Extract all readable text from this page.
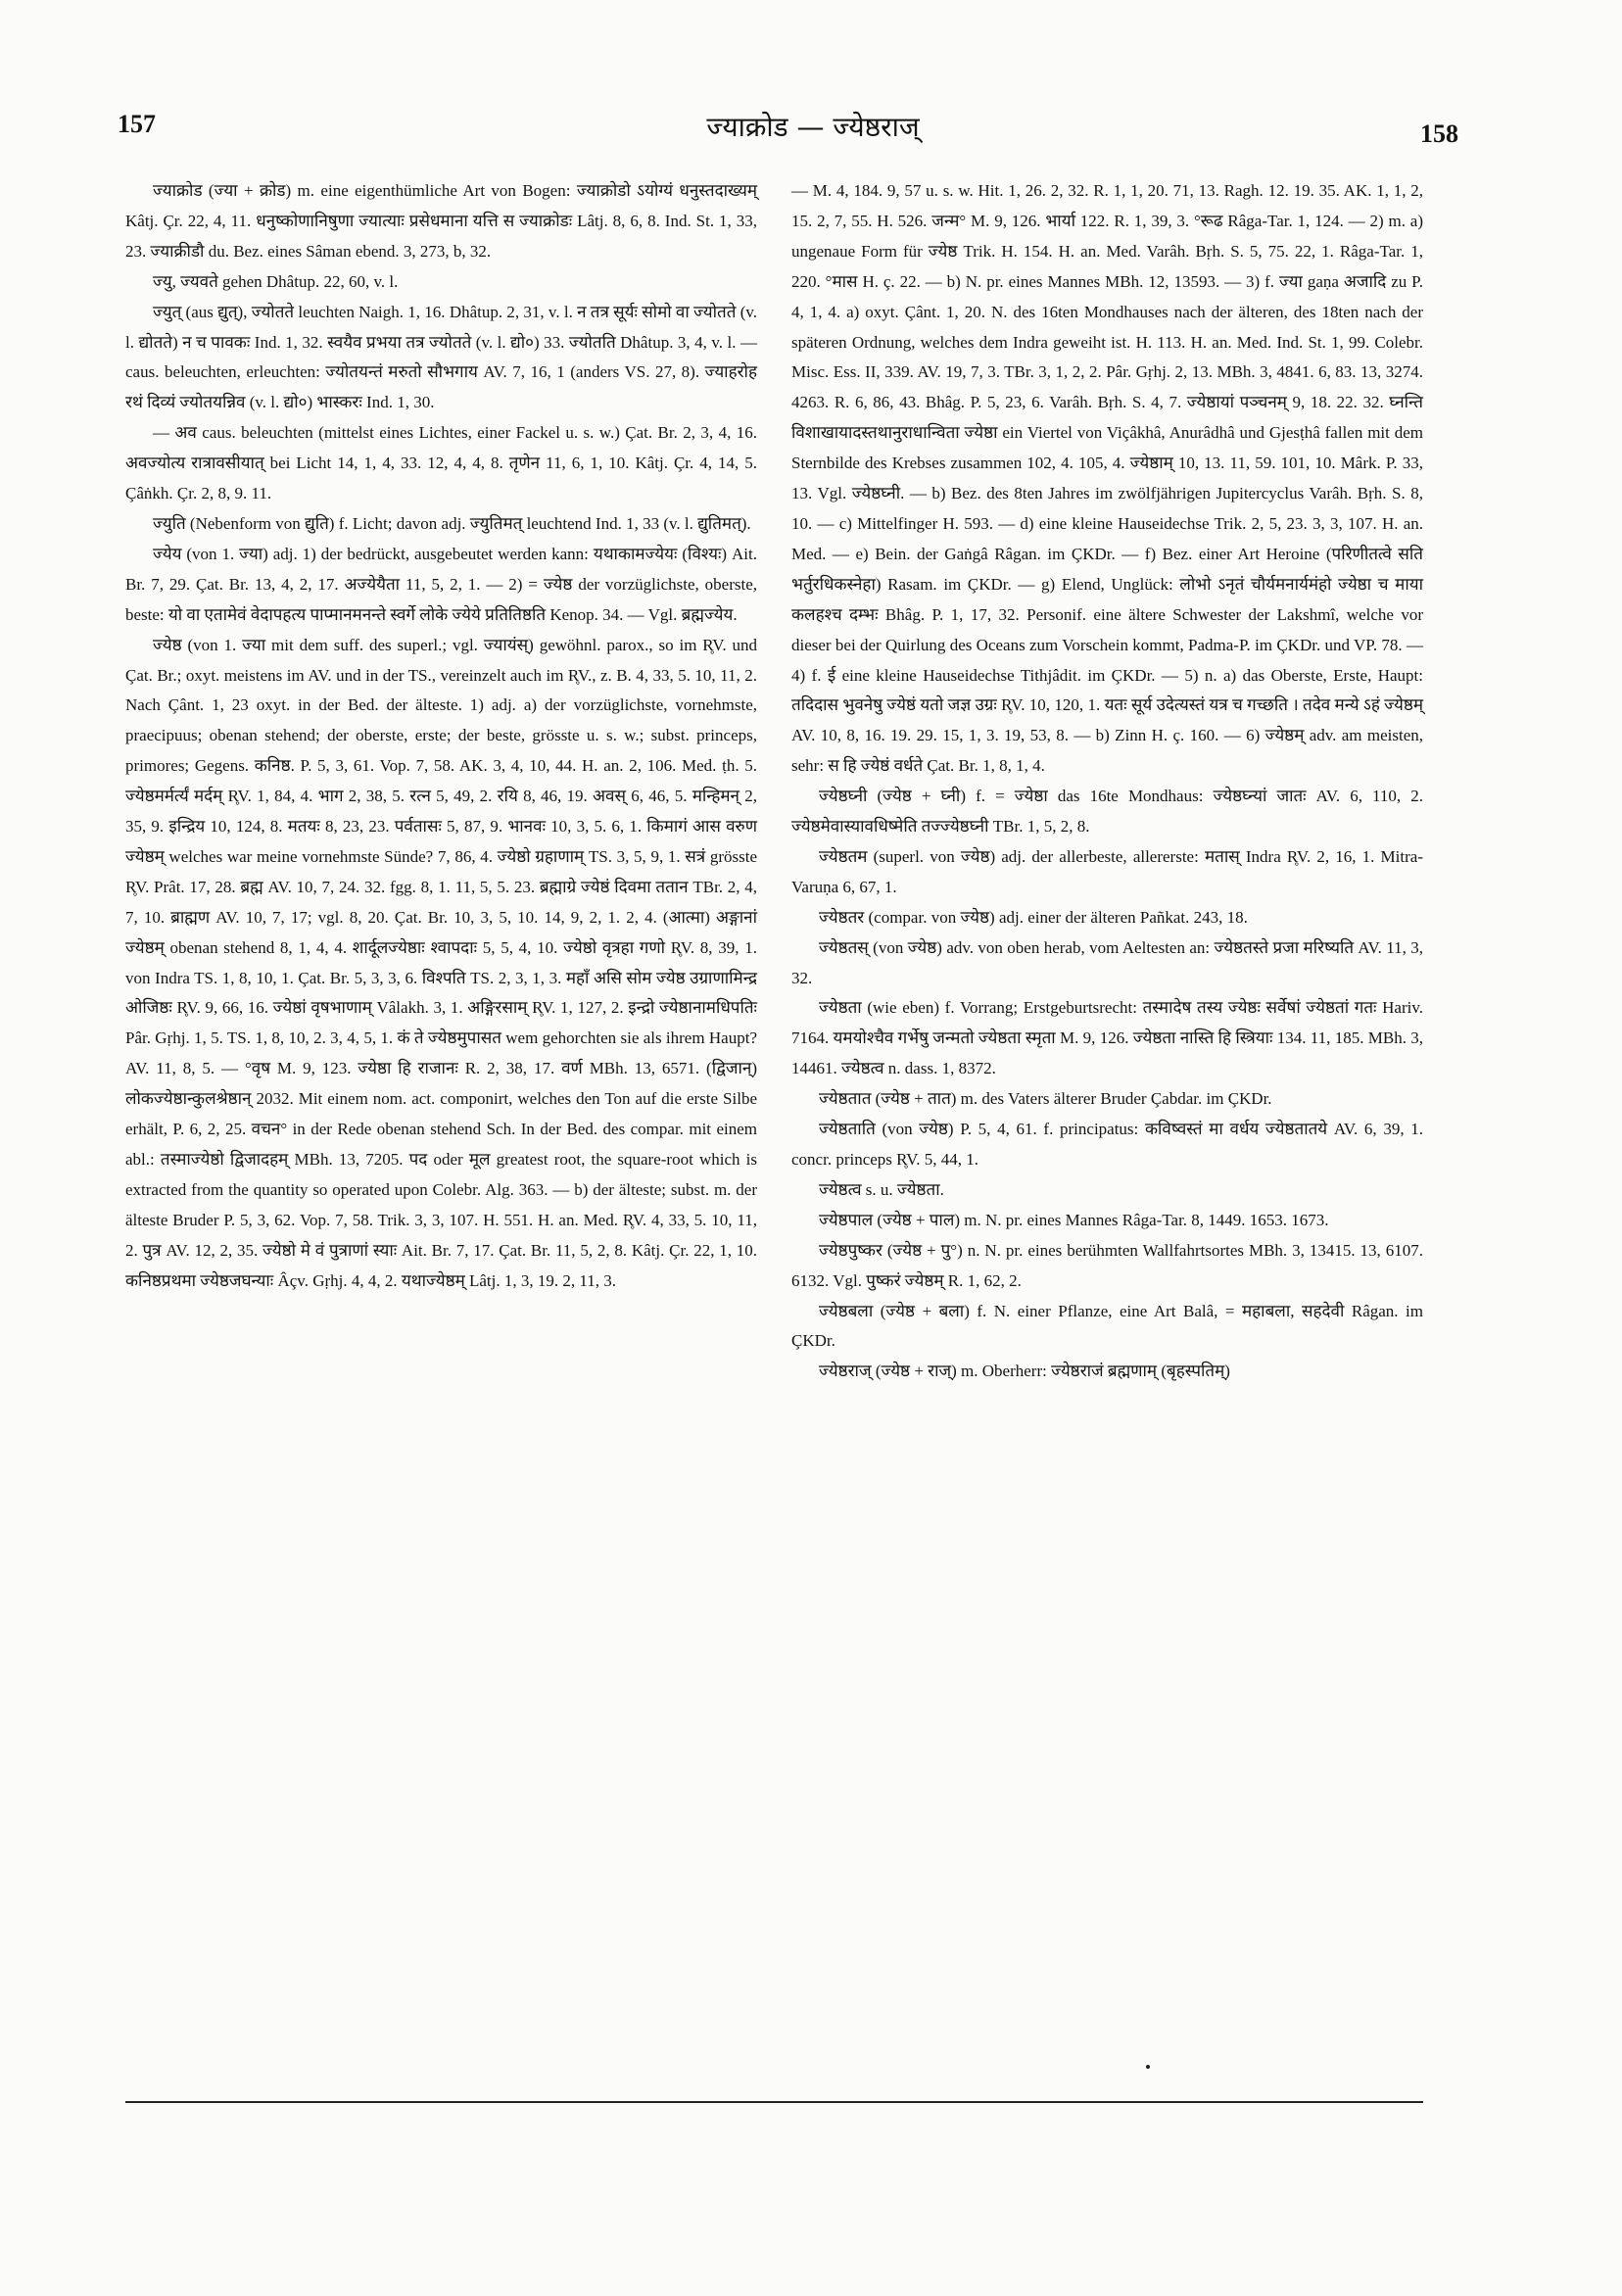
157	ज्याक्रोड — ज्येष्ठराज्	158

ज्याक्रोड (ज्या + क्रोड) m. eine eigenthümliche Art von Bogen: ज्याक्रोडो ऽयोग्यं धनुस्तदाख्यम् Kâtj. Çr. 22, 4, 11. धनुष्कोणानिषुणा ज्यात्याः प्रसेधमाना यत्ति स ज्याक्रोडः Lâtj. 8, 6, 8. Ind. St. 1, 33, 23. ज्याक्रीडौ du. Bez. eines Sâman ebend. 3, 273, b, 32.

ज्यु, ज्यवते gehen Dhâtup. 22, 60, v. l.

ज्युत् (aus द्युत्), ज्योतते leuchten Naigh. 1, 16. Dhâtup. 2, 31, v. l. न तत्र सूर्यः सोमो वा ज्योतते (v. l. द्योतते) न च पावकः Ind. 1, 32. स्वयैव प्रभया तत्र ज्योतते (v. l. द्यो०) 33. ज्योतति Dhâtup. 3, 4, v. l. — caus. beleuchten, erleuchten: ज्योतयन्तं मरुतो सौभगाय AV. 7, 16, 1 (anders VS. 27, 8). ज्याहरोह रथं दिव्यं ज्योतयन्निव (v. l. द्यो०) भास्करः Ind. 1, 30.

— अव caus. beleuchten (mittelst eines Lichtes, einer Fackel u. s. w.) Çat. Br. 2, 3, 4, 16. अवज्योत्य रात्रावसीयात् bei Licht 14, 1, 4, 33. 12, 4, 4, 8. तृणेन 11, 6, 1, 10. Kâtj. Çr. 4, 14, 5. Çâṅkh. Çr. 2, 8, 9. 11.

ज्युति (Nebenform von द्युति) f. Licht; davon adj. ज्युतिमत् leuchtend Ind. 1, 33 (v. l. द्युतिमत्).

ज्येय (von 1. ज्या) adj. 1) der bedrückt, ausgebeutet werden kann: यथाकामज्येयः (विश्यः) Ait. Br. 7, 29. Çat. Br. 13, 4, 2, 17. अज्येयैता 11, 5, 2, 1. — 2) = ज्येष्ठ der vorzüglichste, oberste, beste: यो वा एतामेवं वेदापहत्य पाप्मानमनन्ते स्वर्गे लोके ज्येये प्रतितिष्ठति Kenop. 34. — Vgl. ब्रह्मज्येय.

ज्येष्ठ (von 1. ज्या mit dem suff. des superl.; vgl. ज्यायंस्) gewöhnl. parox., so im R̥V. und Çat. Br.; oxyt. meistens im AV. und in der TS., vereinzelt auch im R̥V., z. B. 4, 33, 5. 10, 11, 2. Nach Çânt. 1, 23 oxyt. in der Bed. der älteste. 1) adj. a) der vorzüglichste, vornehmste, praecipuus; obenan stehend; der oberste, erste; der beste, grösste u. s. w.; subst. princeps, primores; Gegens. कनिष्ठ. P. 5, 3, 61. Vop. 7, 58. AK. 3, 4, 10, 44. H. an. 2, 106. Med. ṭh. 5. ज्येष्ठमर्मर्त्यं मर्दम् R̥V. 1, 84, 4. भाग 2, 38, 5. रत्न 5, 49, 2. रयि 8, 46, 19. अवस् 6, 46, 5. मन्हिमन् 2, 35, 9. इन्द्रिय 10, 124, 8. मतयः 8, 23, 23. पर्वतासः 5, 87, 9. भानवः 10, 3, 5. 6, 1. किमागं आस वरुण ज्येष्ठम् welches war meine vornehmste Sünde? 7, 86, 4. ज्येष्ठो ग्रहाणाम् TS. 3, 5, 9, 1. सत्रं grösste R̥V. Prât. 17, 28. ब्रह्म AV. 10, 7, 24. 32. fgg. 8, 1. 11, 5, 5. 23. ब्रह्माग्रे ज्येष्ठं दिवमा ततान TBr. 2, 4, 7, 10. ब्राह्मण AV. 10, 7, 17; vgl. 8, 20. Çat. Br. 10, 3, 5, 10. 14, 9, 2, 1. 2, 4. (आत्मा) अङ्गानां ज्येष्ठम् obenan stehend 8, 1, 4, 4. शार्दूलज्येष्ठाः श्वापदाः 5, 5, 4, 10. ज्येष्ठो वृत्रहा गणो R̥V. 8, 39, 1. von Indra TS. 1, 8, 10, 1. Çat. Br. 5, 3, 3, 6. विश्पति TS. 2, 3, 1, 3. महाँ असि सोम ज्येष्ठ उग्राणामिन्द्र ओजिष्ठः R̥V. 9, 66, 16. ज्येष्ठां वृषभाणाम् Vâlakh. 3, 1. अङ्गिरसाम् R̥V. 1, 127, 2. इन्द्रो ज्येष्ठानामधिपतिः Pâr. Gṛhj. 1, 5. TS. 1, 8, 10, 2. 3, 4, 5, 1. कं ते ज्येष्ठमुपासत wem gehorchten sie als ihrem Haupt? AV. 11, 8, 5. — °वृष M. 9, 123. ज्येष्ठा हि राजानः R. 2, 38, 17. वर्ण MBh. 13, 6571. (द्विजान्) लोकज्येष्ठान्कुलश्रेष्ठान् 2032. Mit einem nom. act. componirt, welches den Ton auf die erste Silbe erhält, P. 6, 2, 25. वचन° in der Rede obenan stehend Sch. In der Bed. des compar. mit einem abl.: तस्माज्येष्ठो द्विजादहम् MBh. 13, 7205. पद oder मूल greatest root, the square-root which is extracted from the quantity so operated upon Colebr. Alg. 363. — b) der älteste; subst. m. der älteste Bruder P. 5, 3, 62. Vop. 7, 58. Trik. 3, 3, 107. H. 551. H. an. Med. R̥V. 4, 33, 5. 10, 11, 2. पुत्र AV. 12, 2, 35. ज्येष्ठो मे वं पुत्राणां स्याः Ait. Br. 7, 17. Çat. Br. 11, 5, 2, 8. Kâtj. Çr. 22, 1, 10. कनिष्ठप्रथमा ज्येष्ठजघन्याः Âçv. Gṛhj. 4, 4, 2. यथाज्येष्ठम् Lâtj. 1, 3, 19. 2, 11, 3.

— M. 4, 184. 9, 57 u. s. w. Hit. 1, 26. 2, 32. R. 1, 1, 20. 71, 13. Ragh. 12. 19. 35. AK. 1, 1, 2, 15. 2, 7, 55. H. 526. जन्म° M. 9, 126. भार्या 122. R. 1, 39, 3. °रूढ Râga-Tar. 1, 124. — 2) m. a) ungenaue Form für ज्येष्ठ Trik. H. 154. H. an. Med. Varâh. Bṛh. S. 5, 75. 22, 1. Râga-Tar. 1, 220. °मास H. ç. 22. — b) N. pr. eines Mannes MBh. 12, 13593. — 3) f. ज्या gaṇa अजादि zu P. 4, 1, 4. a) oxyt. Çânt. 1, 20. N. des 16ten Mondhauses nach der älteren, des 18ten nach der späteren Ordnung, welches dem Indra geweiht ist. H. 113. H. an. Med. Ind. St. 1, 99. Colebr. Misc. Ess. II, 339. AV. 19, 7, 3. TBr. 3, 1, 2, 2. Pâr. Gṛhj. 2, 13. MBh. 3, 4841. 6, 83. 13, 3274. 4263. R. 6, 86, 43. Bhâg. P. 5, 23, 6. Varâh. Bṛh. S. 4, 7. ज्येष्ठायां पञ्चनम् 9, 18. 22. 32. घ्नन्ति विशाखायादस्तथानुराधान्विता ज्येष्ठा ein Viertel von Viçâkhâ, Anurâdhâ und Gjesṭhâ fallen mit dem Sternbilde des Krebses zusammen 102, 4. 105, 4. ज्येष्ठाम् 10, 13. 11, 59. 101, 10. Mârk. P. 33, 13. Vgl. ज्येष्ठघ्नी. — b) Bez. des 8ten Jahres im zwölfjährigen Jupitercyclus Varâh. Bṛh. S. 8, 10. — c) Mittelfinger H. 593. — d) eine kleine Hauseidechse Trik. 2, 5, 23. 3, 3, 107. H. an. Med. — e) Bein. der Gaṅgâ Râgan. im ÇKDr. — f) Bez. einer Art Heroine (परिणीतत्वे सति भर्तुरधिकस्नेहा) Rasam. im ÇKDr. — g) Elend, Unglück: लोभो ऽनृतं चौर्यमनार्यमंहो ज्येष्ठा च माया कलहश्च दम्भः Bhâg. P. 1, 17, 32. Personif. eine ältere Schwester der Lakshmî, welche vor dieser bei der Quirlung des Oceans zum Vorschein kommt, Padma-P. im ÇKDr. und VP. 78. — 4) f. ई eine kleine Hauseidechse Tithjâdit. im ÇKDr. — 5) n. a) das Oberste, Erste, Haupt: तदिदास भुवनेषु ज्येष्ठं यतो जज्ञ उग्रः R̥V. 10, 120, 1. यतः सूर्य उदेत्यस्तं यत्र च गच्छति । तदेव मन्ये ऽहं ज्येष्ठम् AV. 10, 8, 16. 19. 29. 15, 1, 3. 19, 53, 8. — b) Zinn H. ç. 160. — 6) ज्येष्ठम् adv. am meisten, sehr: स हि ज्येष्ठं वर्धते Çat. Br. 1, 8, 1, 4.

ज्येष्ठघ्नी (ज्येष्ठ + घ्नी) f. = ज्येष्ठा das 16te Mondhaus: ज्येष्ठघ्न्यां जातः AV. 6, 110, 2. ज्येष्ठमेवास्यावधिष्मेति तज्ज्येष्ठघ्नी TBr. 1, 5, 2, 8.

ज्येष्ठतम (superl. von ज्येष्ठ) adj. der allerbeste, allererste: मतास् Indra R̥V. 2, 16, 1. Mitra-Varuṇa 6, 67, 1.

ज्येष्ठतर (compar. von ज्येष्ठ) adj. einer der älteren Pañkat. 243, 18.

ज्येष्ठतस् (von ज्येष्ठ) adv. von oben herab, vom Aeltesten an: ज्येष्ठतस्ते प्रजा मरिष्यति AV. 11, 3, 32.

ज्येष्ठता (wie eben) f. Vorrang; Erstgeburtsrecht: तस्मादेष तस्य ज्येष्ठः सर्वेषां ज्येष्ठतां गतः Hariv. 7164. यमयोश्चैव गर्भेषु जन्मतो ज्येष्ठता स्मृता M. 9, 126. ज्येष्ठता नास्ति हि स्त्रियाः 134. 11, 185. MBh. 3, 14461. ज्येष्ठत्व n. dass. 1, 8372.

ज्येष्ठतात (ज्येष्ठ + तात) m. des Vaters älterer Bruder Çabdar. im ÇKDr.

ज्येष्ठताति (von ज्येष्ठ) P. 5, 4, 61. f. principatus: कविष्वस्तं मा वर्धय ज्येष्ठतातये AV. 6, 39, 1. concr. princeps R̥V. 5, 44, 1.

ज्येष्ठत्व s. u. ज्येष्ठता.

ज्येष्ठपाल (ज्येष्ठ + पाल) m. N. pr. eines Mannes Râga-Tar. 8, 1449. 1653. 1673.

ज्येष्ठपुष्कर (ज्येष्ठ + पु°) n. N. pr. eines berühmten Wallfahrtsortes MBh. 3, 13415. 13, 6107. 6132. Vgl. पुष्करं ज्येष्ठम् R. 1, 62, 2.

ज्येष्ठबला (ज्येष्ठ + बला) f. N. einer Pflanze, eine Art Balâ, = महाबला, सहदेवी Râgan. im ÇKDr.

ज्येष्ठराज् (ज्येष्ठ + राज्) m. Oberherr: ज्येष्ठराजं ब्रह्मणाम् (बृहस्पतिम्)
